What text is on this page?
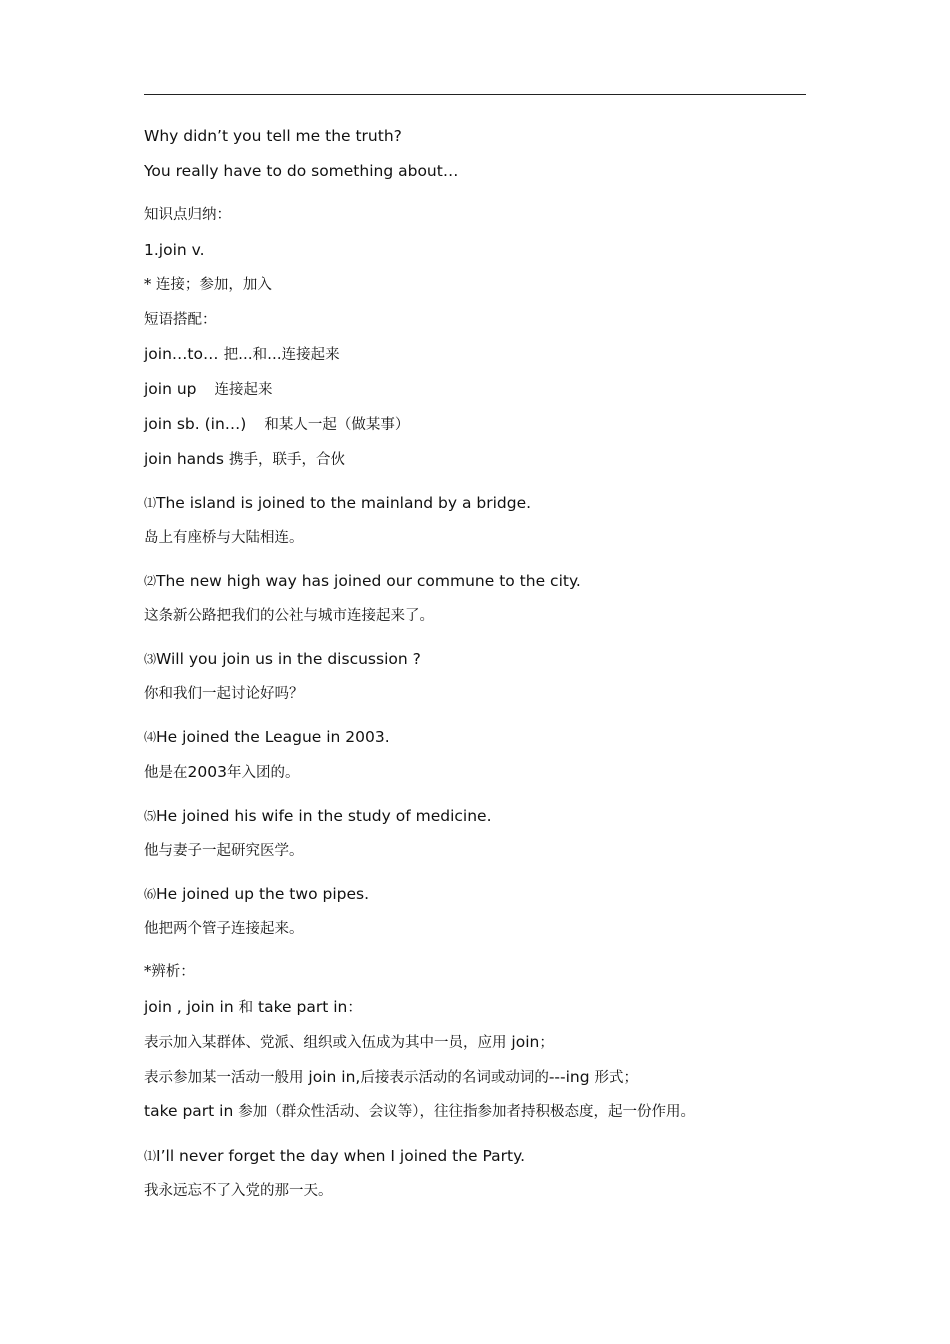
Why didn’t you tell me the truth?
You really have to do something about…
知识点归纳：
1.join v.
* 连接；参加，加入
短语搭配：
join…to… 把…和…连接起来
join up 连接起来
join sb. (in…) 和某人一起（做某事）
join hands 携手，联手，合伙
⑴The island is joined to the mainland by a bridge.
岛上有座桥与大陆相连。
⑵The new high way has joined our commune to the city.
这条新公路把我们的公社与城市连接起来了。
⑶Will you join us in the discussion ?
你和我们一起讨论好吗？
⑷He joined the League in 2003.
他是在2003年入团的。
⑸He joined his wife in the study of medicine.
他与妻子一起研究医学。
⑹He joined up the two pipes.
他把两个管子连接起来。
*辨析：
join , join in 和 take part in：
表示加入某群体、党派、组织或入伍成为其中一员，应用 join；
表示参加某一活动一般用 join in,后接表示活动的名词或动词的---ing 形式；
take part in 参加（群众性活动、会议等），往往指参加者持积极态度，起一份作用。
⑴I’ll never forget the day when I joined the Party.
我永远忘不了入党的那一天。
